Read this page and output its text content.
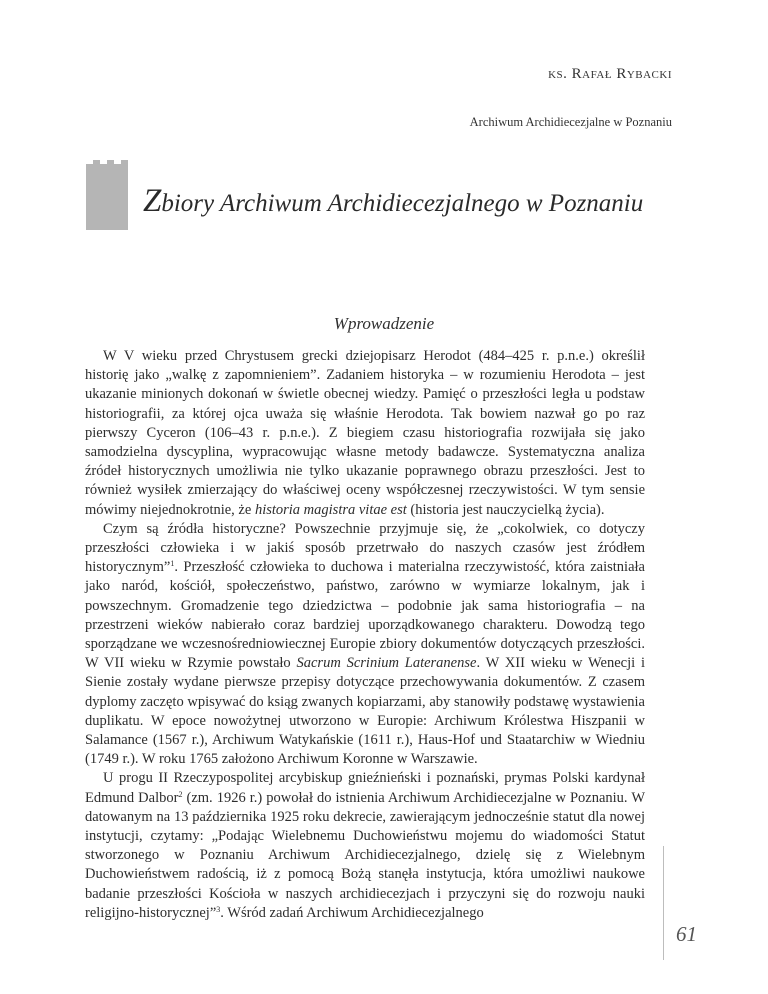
ks. Rafał Rybacki
Archiwum Archidiecezjalne w Poznaniu
Zbiory Archiwum Archidiecezjalnego w Poznaniu
Wprowadzenie

W V wieku przed Chrystusem grecki dziejopisarz Herodot (484–425 r. p.n.e.) określił historię jako „walkę z zapomnieniem”. Zadaniem historyka – w rozumieniu Herodota – jest ukazanie minionych dokonań w świetle obecnej wiedzy. Pamięć o przeszłości legła u podstaw historiografii, za której ojca uważa się właśnie Herodota. Tak bowiem nazwał go po raz pierwszy Cyceron (106–43 r. p.n.e.). Z biegiem czasu historiografia rozwijała się jako samodzielna dyscyplina, wypracowując własne metody badawcze. Systematyczna analiza źródeł historycznych umożliwia nie tylko ukazanie poprawnego obrazu przeszłości. Jest to również wysiłek zmierzający do właściwej oceny współczesnej rzeczywistości. W tym sensie mówimy niejednokrotnie, że historia magistra vitae est (historia jest nauczycielką życia).

Czym są źródła historyczne? Powszechnie przyjmuje się, że „cokolwiek, co dotyczy przeszłości człowieka i w jakiś sposób przetrwało do naszych czasów jest źródłem historycznym”$^1$. Przeszłość człowieka to duchowa i materialna rzeczywistość, która zaistniała jako naród, kościół, społeczeństwo, państwo, zarówno w wymiarze lokalnym, jak i powszechnym. Gromadzenie tego dziedzictwa – podobnie jak sama historiografia – na przestrzeni wieków nabierało coraz bardziej uporządkowanego charakteru. Dowodzą tego sporządzane we wczesnośredniowiecznej Europie zbiory dokumentów dotyczących przeszłości. W VII wieku w Rzymie powstało Sacrum Scrinium Lateranense. W XII wieku w Wenecji i Sienie zostały wydane pierwsze przepisy dotyczące przechowywania dokumentów. Z czasem dyplomy zaczęto wpisywać do ksiąg zwanych kopiarzami, aby stanowiły podstawę wystawienia duplikatu. W epoce nowożytnej utworzono w Europie: Archiwum Królestwa Hiszpanii w Salamance (1567 r.), Archiwum Watykańskie (1611 r.), Haus-Hof und Staatarchiw w Wiedniu (1749 r.). W roku 1765 założono Archiwum Koronne w Warszawie.

U progu II Rzeczypospolitej arcybiskup gnieźnieński i poznański, prymas Polski kardynał Edmund Dalbor$^2$ (zm. 1926 r.) powołał do istnienia Archiwum Archidiecezjalne w Poznaniu. W datowanym na 13 października 1925 roku dekrecie, zawierającym jednocześnie statut dla nowej instytucji, czytamy: „Podając Wielebnemu Duchowieństwu mojemu do wiadomości Statut stworzonego w Poznaniu Archiwum Archidiecezjalnego, dzielę się z Wielebnym Duchowieństwem radością, iż z pomocą Bożą stanęła instytucja, która umożliwi naukowe badanie przeszłości Kościoła w naszych archidiecezjach i przyczyni się do rozwoju nauki religijno-historycznej”$^3$. Wśród zadań Archiwum Archidiecezjalnego

61
